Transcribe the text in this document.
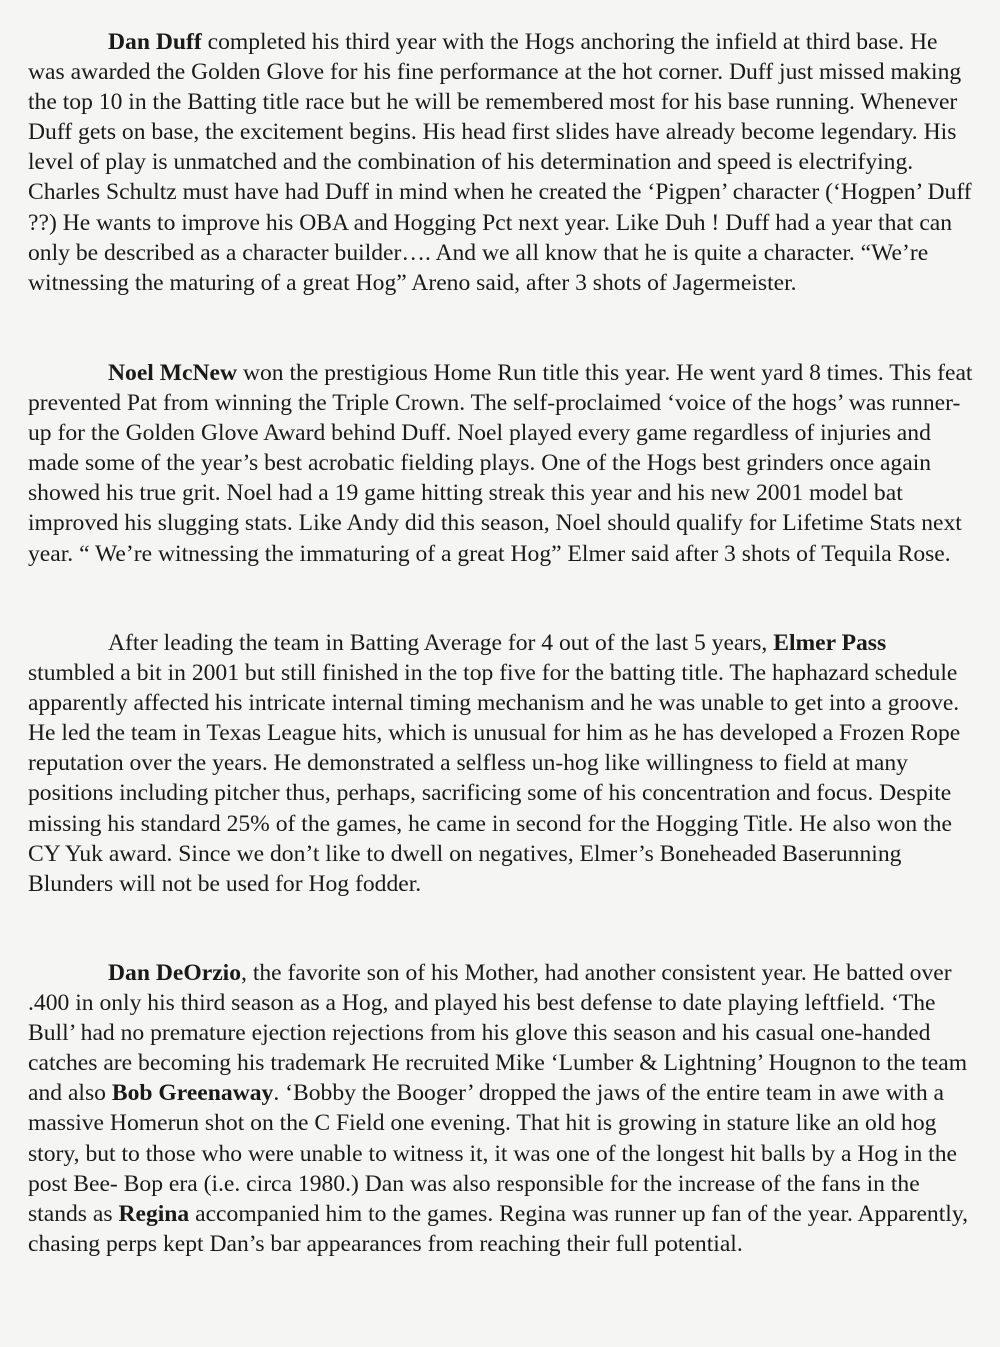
Dan Duff completed his third year with the Hogs anchoring the infield at third base. He was awarded the Golden Glove for his fine performance at the hot corner. Duff just missed making the top 10 in the Batting title race but he will be remembered most for his base running. Whenever Duff gets on base, the excitement begins. His head first slides have already become legendary. His level of play is unmatched and the combination of his determination and speed is electrifying. Charles Schultz must have had Duff in mind when he created the ‘Pigpen’ character (‘Hogpen’ Duff ??) He wants to improve his OBA and Hogging Pct next year. Like Duh ! Duff had a year that can only be described as a character builder…. And we all know that he is quite a character. “We’re witnessing the maturing of a great Hog” Areno said, after 3 shots of Jagermeister.

Noel McNew won the prestigious Home Run title this year. He went yard 8 times. This feat prevented Pat from winning the Triple Crown. The self-proclaimed ‘voice of the hogs’ was runner-up for the Golden Glove Award behind Duff. Noel played every game regardless of injuries and made some of the year’s best acrobatic fielding plays. One of the Hogs best grinders once again showed his true grit. Noel had a 19 game hitting streak this year and his new 2001 model bat improved his slugging stats. Like Andy did this season, Noel should qualify for Lifetime Stats next year. “ We’re witnessing the immaturing of a great Hog” Elmer said after 3 shots of Tequila Rose.

After leading the team in Batting Average for 4 out of the last 5 years, Elmer Pass stumbled a bit in 2001 but still finished in the top five for the batting title. The haphazard schedule apparently affected his intricate internal timing mechanism and he was unable to get into a groove. He led the team in Texas League hits, which is unusual for him as he has developed a Frozen Rope reputation over the years. He demonstrated a selfless un-hog like willingness to field at many positions including pitcher thus, perhaps, sacrificing some of his concentration and focus. Despite missing his standard 25% of the games, he came in second for the Hogging Title. He also won the CY Yuk award. Since we don’t like to dwell on negatives, Elmer’s Boneheaded Baserunning Blunders will not be used for Hog fodder.

Dan DeOrzio, the favorite son of his Mother, had another consistent year. He batted over .400 in only his third season as a Hog, and played his best defense to date playing leftfield. ‘The Bull’ had no premature ejection rejections from his glove this season and his casual one-handed catches are becoming his trademark He recruited Mike ‘Lumber & Lightning’ Hougnon to the team and also Bob Greenaway. ‘Bobby the Booger’ dropped the jaws of the entire team in awe with a massive Homerun shot on the C Field one evening. That hit is growing in stature like an old hog story, but to those who were unable to witness it, it was one of the longest hit balls by a Hog in the post Bee- Bop era (i.e. circa 1980.) Dan was also responsible for the increase of the fans in the stands as Regina accompanied him to the games. Regina was runner up fan of the year. Apparently, chasing perps kept Dan’s bar appearances from reaching their full potential.
